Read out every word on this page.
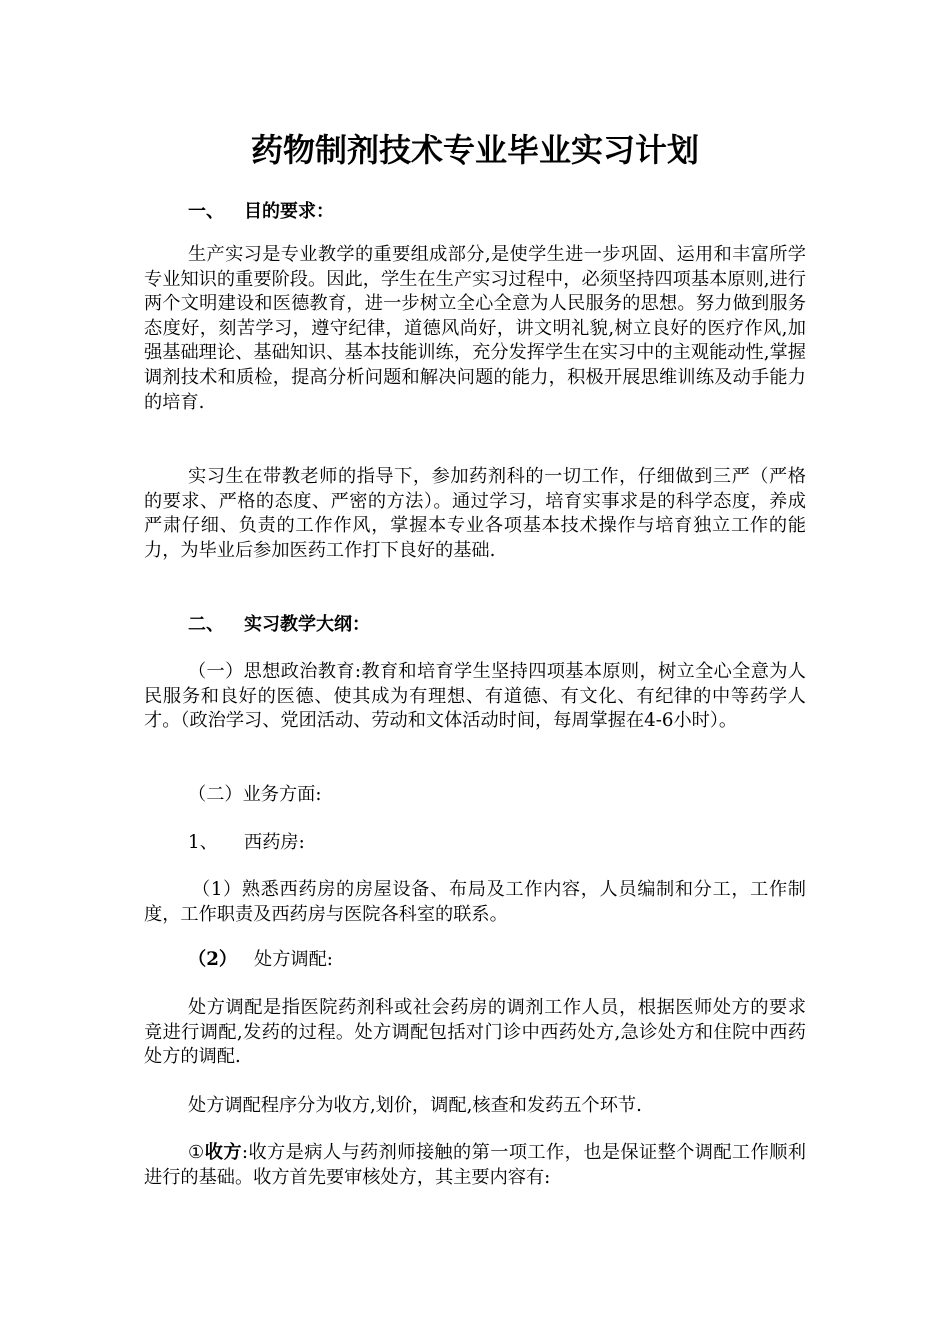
药物制剂技术专业毕业实习计划
一、 目的要求：

生产实习是专业教学的重要组成部分,是使学生进一步巩固、运用和丰富所学专业知识的重要阶段。因此，学生在生产实习过程中，必须坚持四项基本原则,进行两个文明建设和医德教育，进一步树立全心全意为人民服务的思想。努力做到服务态度好，刻苦学习，遵守纪律，道德风尚好，讲文明礼貌,树立良好的医疗作风,加强基础理论、基础知识、基本技能训练，充分发挥学生在实习中的主观能动性,掌握调剂技术和质检，提高分析问题和解决问题的能力，积极开展思维训练及动手能力的培育.

实习生在带教老师的指导下，参加药剂科的一切工作，仔细做到三严（严格的要求、严格的态度、严密的方法）。通过学习，培育实事求是的科学态度，养成严肃仔细、负责的工作作风，掌握本专业各项基本技术操作与培育独立工作的能力，为毕业后参加医药工作打下良好的基础.

二、 实习教学大纲：

（一）思想政治教育:教育和培育学生坚持四项基本原则，树立全心全意为人民服务和良好的医德、使其成为有理想、有道德、有文化、有纪律的中等药学人才。（政治学习、党团活动、劳动和文体活动时间，每周掌握在4-6小时）。

（二）业务方面:
1、 西药房:

（1）熟悉西药房的房屋设备、布局及工作内容，人员编制和分工，工作制度，工作职责及西药房与医院各科室的联系。

（2） 处方调配:

处方调配是指医院药剂科或社会药房的调剂工作人员，根据医师处方的要求竟进行调配,发药的过程。处方调配包括对门诊中西药处方,急诊处方和住院中西药处方的调配.

处方调配程序分为收方,划价，调配,核查和发药五个环节.

①收方:收方是病人与药剂师接触的第一项工作，也是保证整个调配工作顺利进行的基础。收方首先要审核处方，其主要内容有:
